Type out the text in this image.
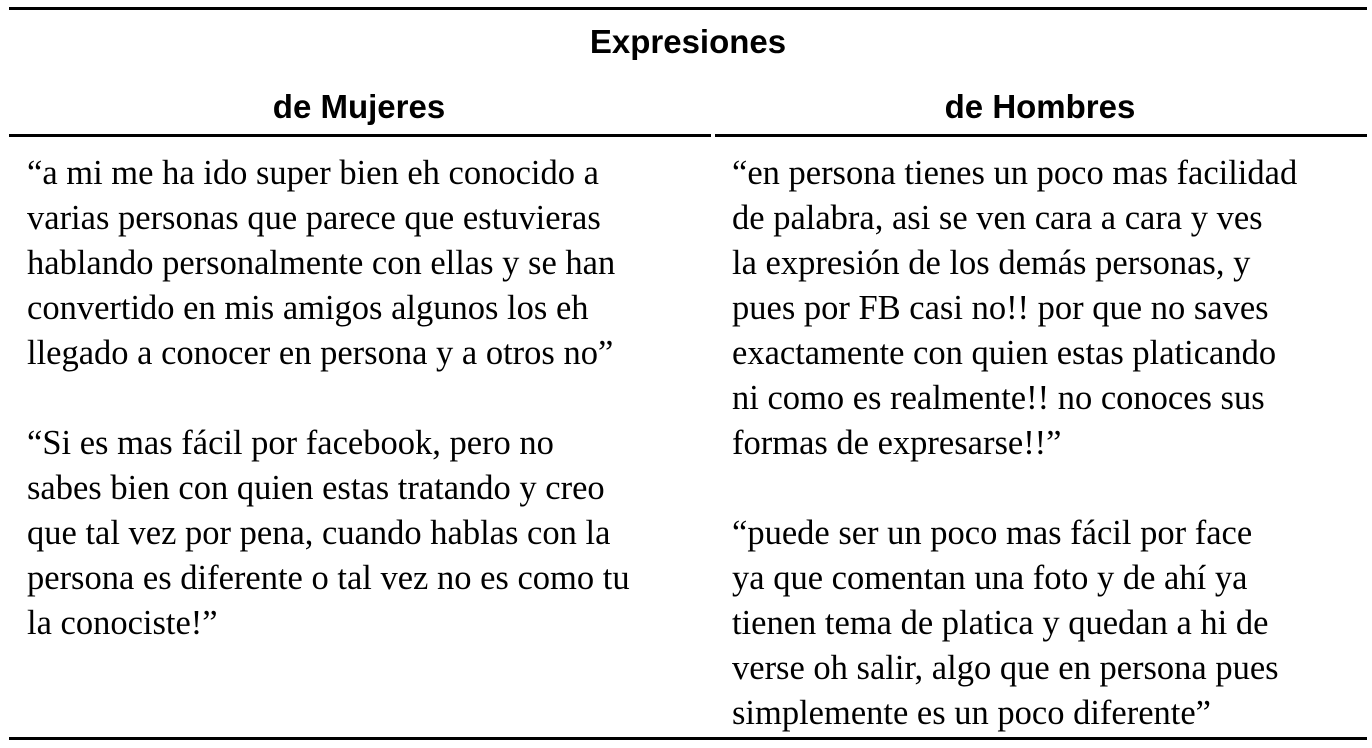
Expresiones
de Mujeres	de Hombres

“a mi me ha ido super bien eh conocido a
varias personas que parece que estuvieras
hablando personalmente con ellas y se han
convertido en mis amigos algunos los eh
llegado a conocer en persona y a otros no”

“Si es mas fácil por facebook, pero no
sabes bien con quien estas tratando y creo
que tal vez por pena, cuando hablas con la
persona es diferente o tal vez no es como tu
la conociste!”

“en persona tienes un poco mas facilidad
de palabra, asi se ven cara a cara y ves
la expresión de los demás personas, y
pues por FB casi no!! por que no saves
exactamente con quien estas platicando
ni como es realmente!! no conoces sus
formas de expresarse!!”

“puede ser un poco mas fácil por face
ya que comentan una foto y de ahí ya
tienen tema de platica y quedan a hi de
verse oh salir, algo que en persona pues
simplemente es un poco diferente”
